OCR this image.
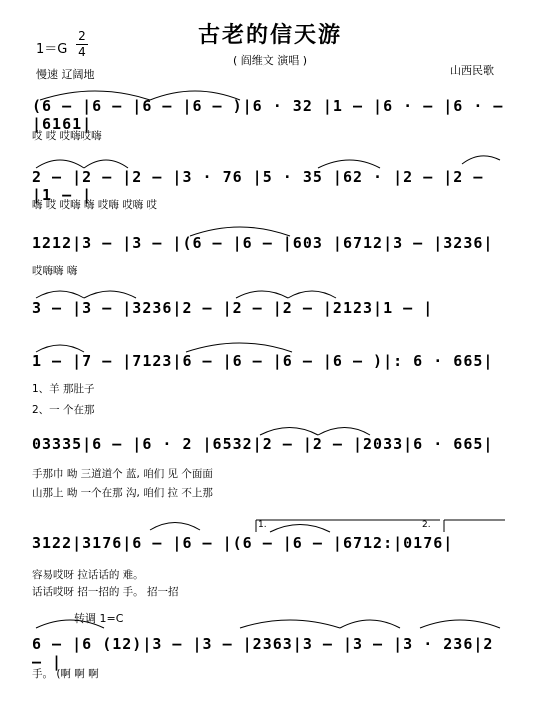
古老的信天游
( 阎维文 演唱 )
1＝G
2
4
慢速 辽阔地	山西民歌
(6 – |6 – |6 – |6 – )|6 · 32 |1 – |6 · – |6 · – |6161|
哎 哎 哎嗨哎嗨
2 – |2 – |2 – |3 · 76 |5 · 35 |62 · |2 – |2 – |1 – |
嗨 哎 哎嗨 嗨 哎嗨 哎嗨 哎
1212|3 – |3 – |(6 – |6 – |603 |6712|3 – |3236|
哎嗨嗨 嗨
3 – |3 – |3236|2 – |2 – |2 – |2123|1 – |
1 – |7 – |7123|6 – |6 – |6 – |6 – )|: 6 · 665|
1、羊 那肚子
2、一 个在那
03335|6 – |6 · 2 |6532|2 – |2 – |2033|6 · 665|
手那巾 呦 三道道个 蓝, 咱们 见 个面面
山那上 呦 一个在那 沟, 咱们 拉 不上那
1.	2.
3122|3176|6 – |6 – |(6 – |6 – |6712:|0176|
容易哎呀 拉话话的 难。
话话哎呀 招一招的 手。 招一招
转调 1=C
6 – |6 (12)|3 – |3 – |2363|3 – |3 – |3 · 236|2 – |
手。 (啊 啊 啊
